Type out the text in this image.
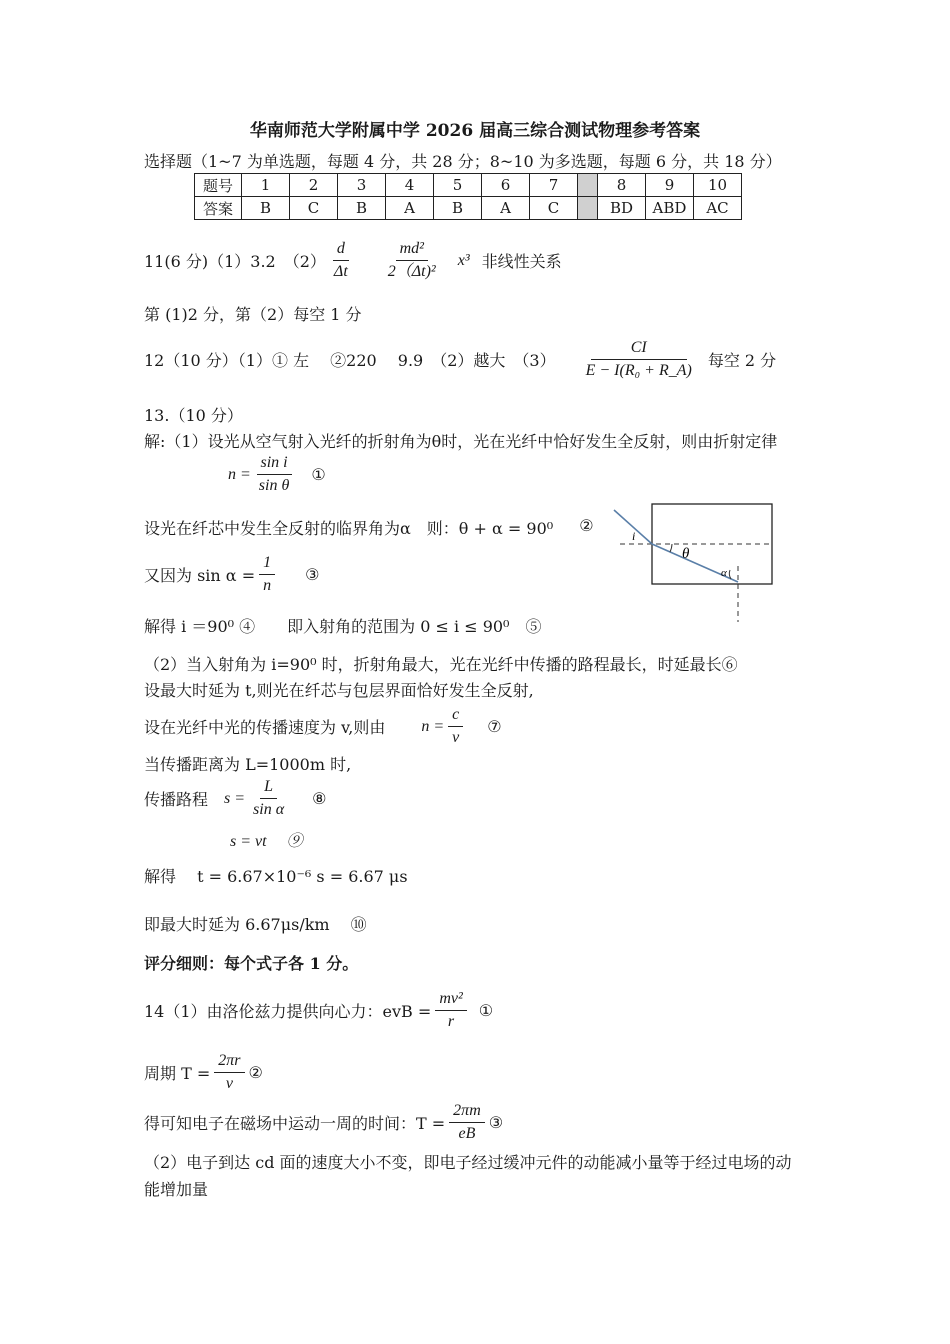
华南师范大学附属中学 2026 届高三综合测试物理参考答案
选择题（1~7 为单选题，每题 4 分，共 28 分；8~10 为多选题，每题 6 分，共 18 分）
题号	1	2	3	4	5	6	7		8	9	10
答案	B	C	B	A	B	A	C		BD	ABD	AC
11(6 分)（1）3.2　$(2) \frac{d}{\Delta t} \frac{\text{md²}}{\text{2（Δt)²}} x^3$ 非线性关系
第 (1)2 分，第（2）每空 1 分
12（10 分）（1）① 左　 ②220　 9.9　（2）越大　$(3) \frac{CI}{\text{E − I(R₀ + R\_A)}}$ 每空 2 分
13.（10 分）
解:（1）设光从空气射入光纤的折射角为θ时，光在光纤中恰好发生全反射，则由折射定律
$n = \frac{\text{sin i}}{\text{sin θ}}$ ①
设光在纤芯中发生全反射的临界角为α　则：θ + α = 90⁰ ②
又因为 $\sin \alpha = \frac{1}{n}$ ③
解得 i ＝90⁰ ④　　即入射角的范围为 0 ≤ i ≤ 90⁰　⑤
（2）当入射角为 i=90⁰ 时，折射角最大，光在光纤中传播的路程最长，时延最长⑥
设最大时延为 t,则光在纤芯与包层界面恰好发生全反射,
设在光纤中光的传播速度为 v,则由 $n = \frac{c}{v}$ ⑦
当传播距离为 L=1000m 时,
传播路程 $s = \frac{L}{\text{sin α}}$ ⑧
s = vt　 ⑨
解得　 t = 6.67×10⁻⁶ s = 6.67 μs
即最大时延为 6.67μs/km　 ⑩
评分细则：每个式子各 1 分。
i
θ
α
14（1）由洛伦兹力提供向心力：evB = $\frac{\text{mv²}}{r}$ ①
周期 $T = \frac{2\pi r}{v}$ ②
得可知电子在磁场中运动一周的时间：$T = \frac{2\pi m}{eB}$ ③
（2）电子到达 cd 面的速度大小不变，即电子经过缓冲元件的动能减小量等于经过电场的动
能增加量
